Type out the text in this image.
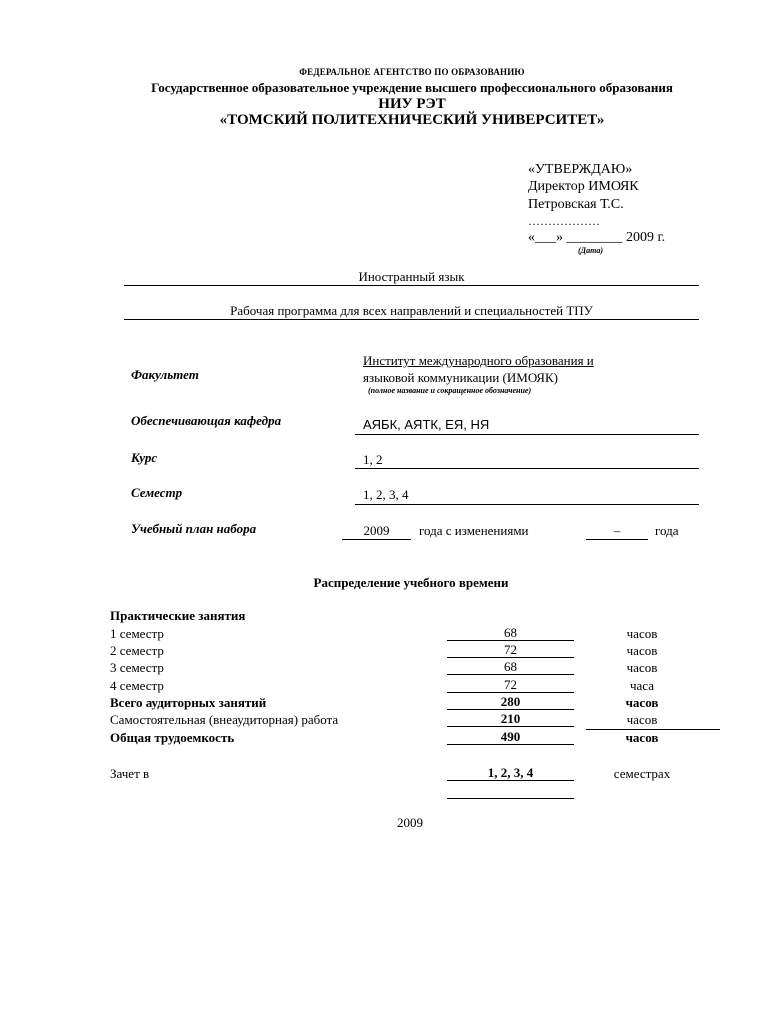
ФЕДЕРАЛЬНОЕ АГЕНТСТВО ПО ОБРАЗОВАНИЮ
Государственное образовательное учреждение высшего профессионального образования
НИУ РЭТ
«ТОМСКИЙ ПОЛИТЕХНИЧЕСКИЙ УНИВЕРСИТЕТ»
«УТВЕРЖДАЮ»
Директор ИМОЯК
Петровская Т.С.
………………
«___» ________ 2009 г.
(Дата)
Иностранный язык
Рабочая программа для всех направлений и специальностей ТПУ
Факультет
Институт международного образования и
языковой коммуникации (ИМОЯК)
(полное название и сокращенное обозначение)
Обеспечивающая кафедра	АЯБК, АЯТК, ЕЯ, НЯ
Курс	1, 2
Семестр	1, 2, 3, 4
Учебный план набора	2009	года с изменениями	–	года
Распределение учебного времени
Практические занятия
1 семестр	68	часов
2 семестр	72	часов
3 семестр	68	часов
4 семестр	72	часа
Всего аудиторных занятий	280	часов
Самостоятельная (внеаудиторная) работа	210	часов
Общая трудоемкость	490	часов
Зачет в	1, 2, 3, 4	семестрах
2009
